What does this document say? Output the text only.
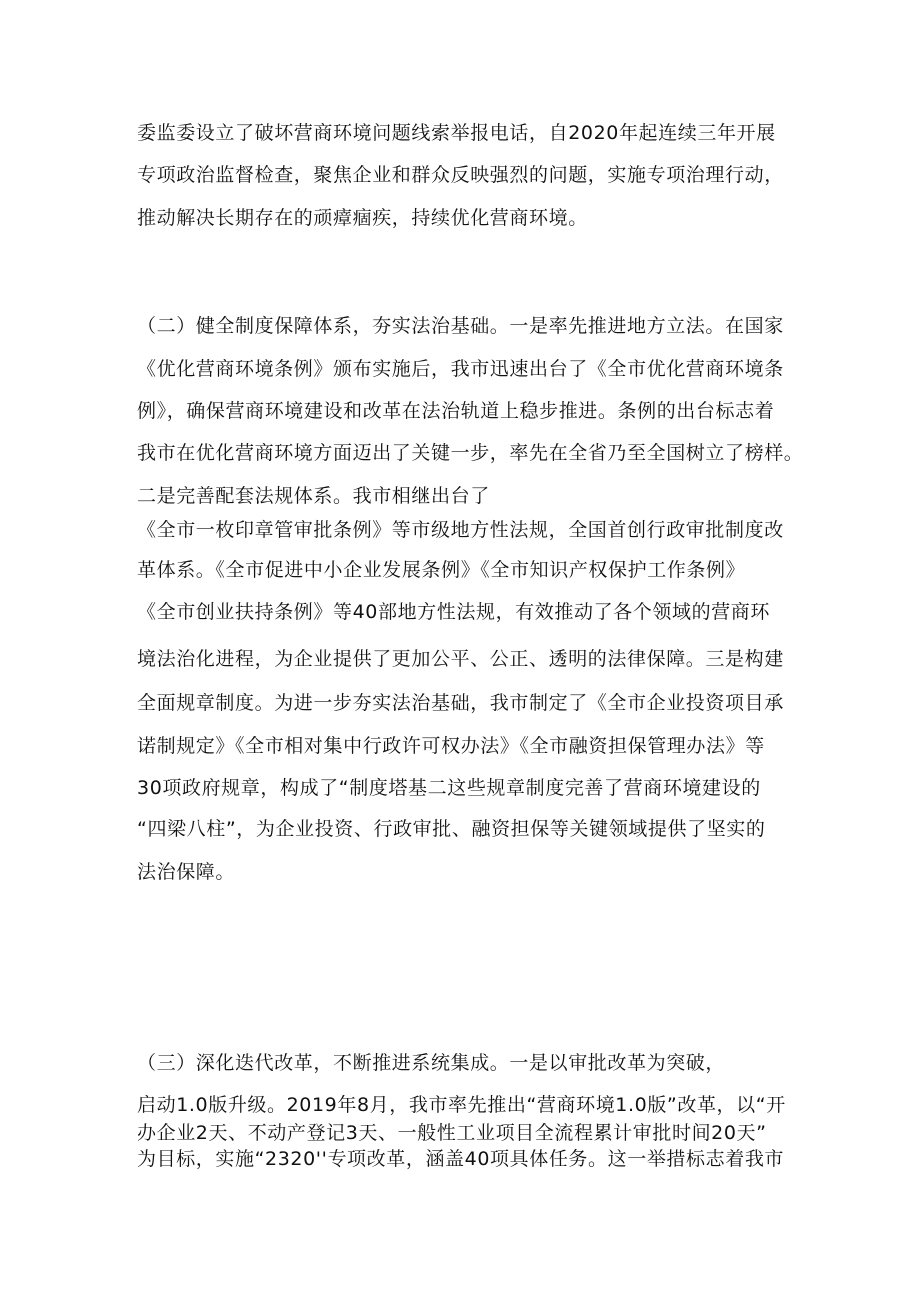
委监委设立了破坏营商环境问题线索举报电话，自2020年起连续三年开展
专项政治监督检查，聚焦企业和群众反映强烈的问题，实施专项治理行动，
推动解决长期存在的顽瘴痼疾，持续优化营商环境。
（二）健全制度保障体系，夯实法治基础。一是率先推进地方立法。在国家
《优化营商环境条例》颁布实施后，我市迅速出台了《全市优化营商环境条
例》，确保营商环境建设和改革在法治轨道上稳步推进。条例的出台标志着
我市在优化营商环境方面迈出了关键一步，率先在全省乃至全国树立了榜样。
二是完善配套法规体系。我市相继出台了
《全市一枚印章管审批条例》等市级地方性法规，全国首创行政审批制度改
革体系。《全市促进中小企业发展条例》《全市知识产权保护工作条例》
《全市创业扶持条例》等40部地方性法规，有效推动了各个领域的营商环
境法治化进程，为企业提供了更加公平、公正、透明的法律保障。三是构建
全面规章制度。为进一步夯实法治基础，我市制定了《全市企业投资项目承
诺制规定》《全市相对集中行政许可权办法》《全市融资担保管理办法》等
30项政府规章，构成了“制度塔基二这些规章制度完善了营商环境建设的
“四梁八柱”，为企业投资、行政审批、融资担保等关键领域提供了坚实的
法治保障。
（三）深化迭代改革，不断推进系统集成。一是以审批改革为突破，
启动1.0版升级。2019年8月，我市率先推出“营商环境1.0版”改革，以“开
办企业2天、不动产登记3天、一般性工业项目全流程累计审批时间20天”
为目标，实施“2320''专项改革，涵盖40项具体任务。这一举措标志着我市
